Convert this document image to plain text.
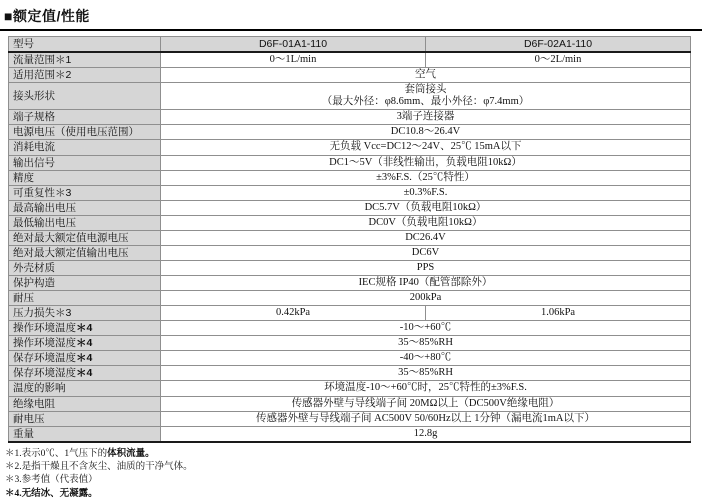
■额定值/性能
型号	D6F-01A1-110	D6F-02A1-110
流量范围＊1	0～1L/min	0～2L/min
适用范围＊2	空气	
接头形状	套筒接头
（最大外径：φ8.6mm、最小外径：φ7.4mm）	

端子规格	3端子连接器	
电源电压（使用电压范围）	DC10.8～26.4V	
消耗电流	无负载 Vcc=DC12～24V、25℃ 15mA以下	
输出信号	DC1～5V（非线性输出，负载电阻10kΩ）	
精度	±3%F.S.（25℃特性）	
可重复性＊3	±0.3%F.S.	
最高输出电压	DC5.7V（负载电阻10kΩ）	
最低输出电压	DC0V（负载电阻10kΩ）	
绝对最大额定值电源电压	DC26.4V	
绝对最大额定值输出电压	DC6V	
外壳材质	PPS	
保护构造	IEC规格 IP40（配管部除外）	
耐压	200kPa	
压力损失＊3	0.42kPa	1.06kPa
操作环境温度＊4	-10～+60℃	
操作环境湿度＊4	35～85%RH	
保存环境温度＊4	-40～+80℃	
保存环境湿度＊4	35～85%RH	
温度的影响	环境温度-10～+60℃时，25℃特性的±3%F.S.	
绝缘电阻	传感器外壁与导线端子间 20MΩ以上（DC500V绝缘电阻）	
耐电压	传感器外壁与导线端子间 AC500V 50/60Hz以上 1分钟（漏电流1mA以下）	
重量	12.8g	
＊1.表示0℃、1气压下的体积流量。
＊2.是指干燥且不含灰尘、油质的干净气体。
＊3.参考值（代表值）
＊4.无结冰、无凝露。
